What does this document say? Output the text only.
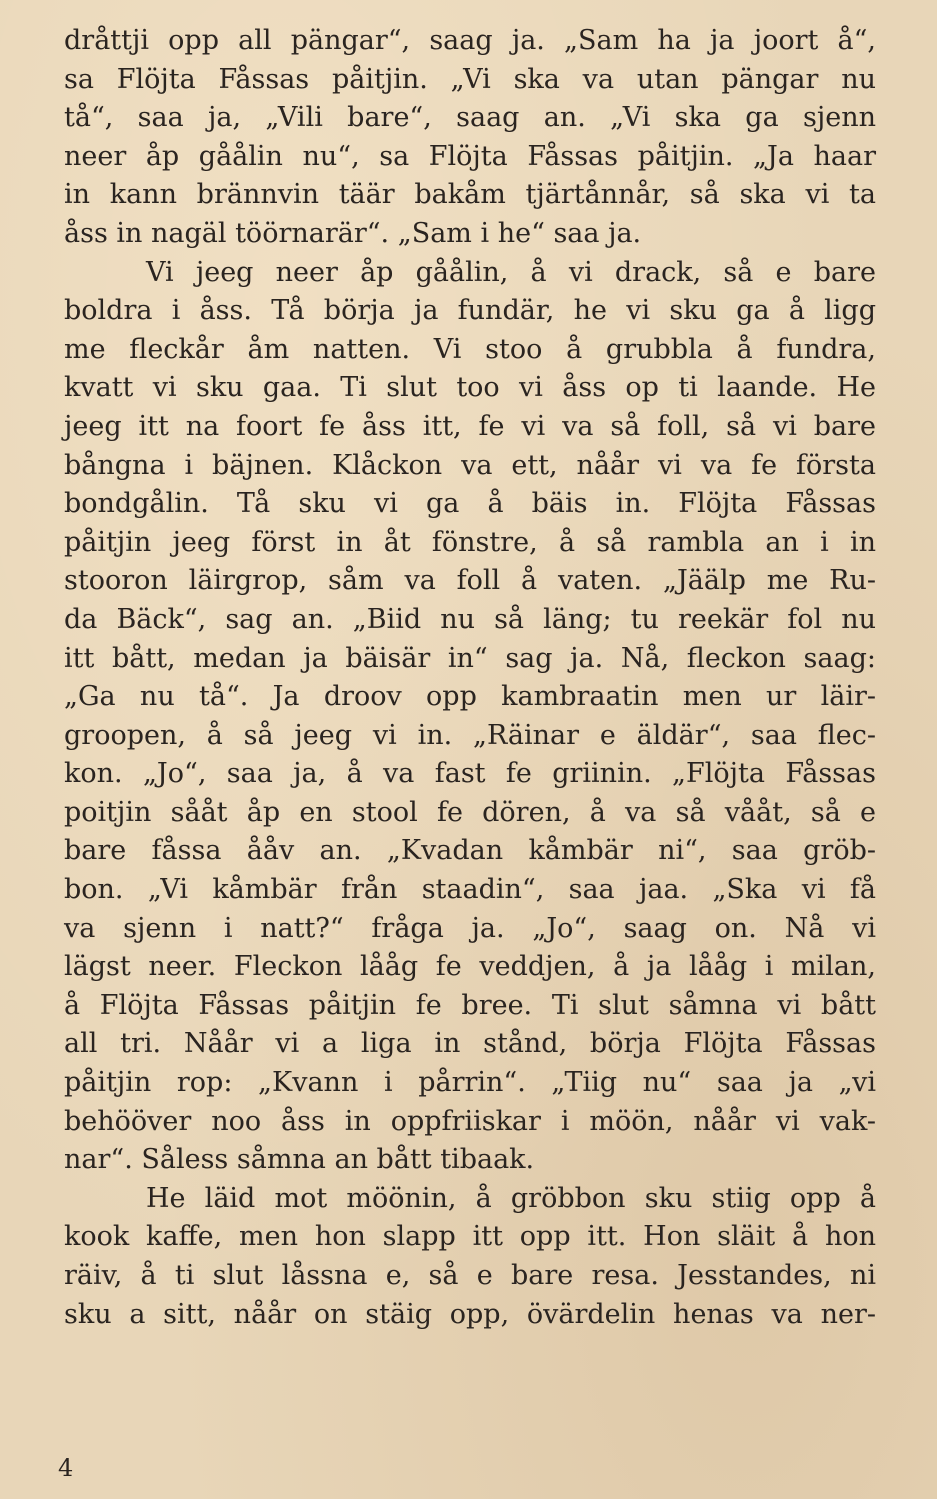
dråttji opp all pängar“, saag ja. „Sam ha ja joort å“,
sa Flöjta Fåssas påitjin. „Vi ska va utan pängar nu
tå“, saa ja, „Vili bare“, saag an. „Vi ska ga sjenn
neer åp gåålin nu“, sa Flöjta Fåssas påitjin. „Ja haar
in kann brännvin täär bakåm tjärtånnår, så ska vi ta
åss in nagäl töörnarär“. „Sam i he“ saa ja.
Vi jeeg neer åp gåålin, å vi drack, så e bare
boldra i åss. Tå börja ja fundär, he vi sku ga å ligg
me fleckår åm natten. Vi stoo å grubbla å fundra,
kvatt vi sku gaa. Ti slut too vi åss op ti laande. He
jeeg itt na foort fe åss itt, fe vi va så foll, så vi bare
bångna i bäjnen. Klåckon va ett, nåår vi va fe första
bondgålin. Tå sku vi ga å bäis in. Flöjta Fåssas
påitjin jeeg först in åt fönstre, å så rambla an i in
stooron läirgrop, såm va foll å vaten. „Jäälp me Ru-
da Bäck“, sag an. „Biid nu så läng; tu reekär fol nu
itt bått, medan ja bäisär in“ sag ja. Nå, fleckon saag:
„Ga nu tå“. Ja droov opp kambraatin men ur läir-
groopen, å så jeeg vi in. „Räinar e äldär“, saa flec-
kon. „Jo“, saa ja, å va fast fe griinin. „Flöjta Fåssas
poitjin sååt åp en stool fe dören, å va så vååt, så e
bare fåssa ååv an. „Kvadan kåmbär ni“, saa gröb-
bon. „Vi kåmbär från staadin“, saa jaa. „Ska vi få
va sjenn i natt?“ fråga ja. „Jo“, saag on. Nå vi
lägst neer. Fleckon lååg fe veddjen, å ja lååg i milan,
å Flöjta Fåssas påitjin fe bree. Ti slut såmna vi bått
all tri. Nåår vi a liga in stånd, börja Flöjta Fåssas
påitjin rop: „Kvann i pårrin“. „Tiig nu“ saa ja „vi
behööver noo åss in oppfriiskar i möön, nåår vi vak-
nar“. Såless såmna an bått tibaak.
He läid mot möönin, å gröbbon sku stiig opp å
kook kaffe, men hon slapp itt opp itt. Hon släit å hon
räiv, å ti slut låssna e, så e bare resa. Jesstandes, ni
sku a sitt, nåår on stäig opp, övärdelin henas va ner-
4
